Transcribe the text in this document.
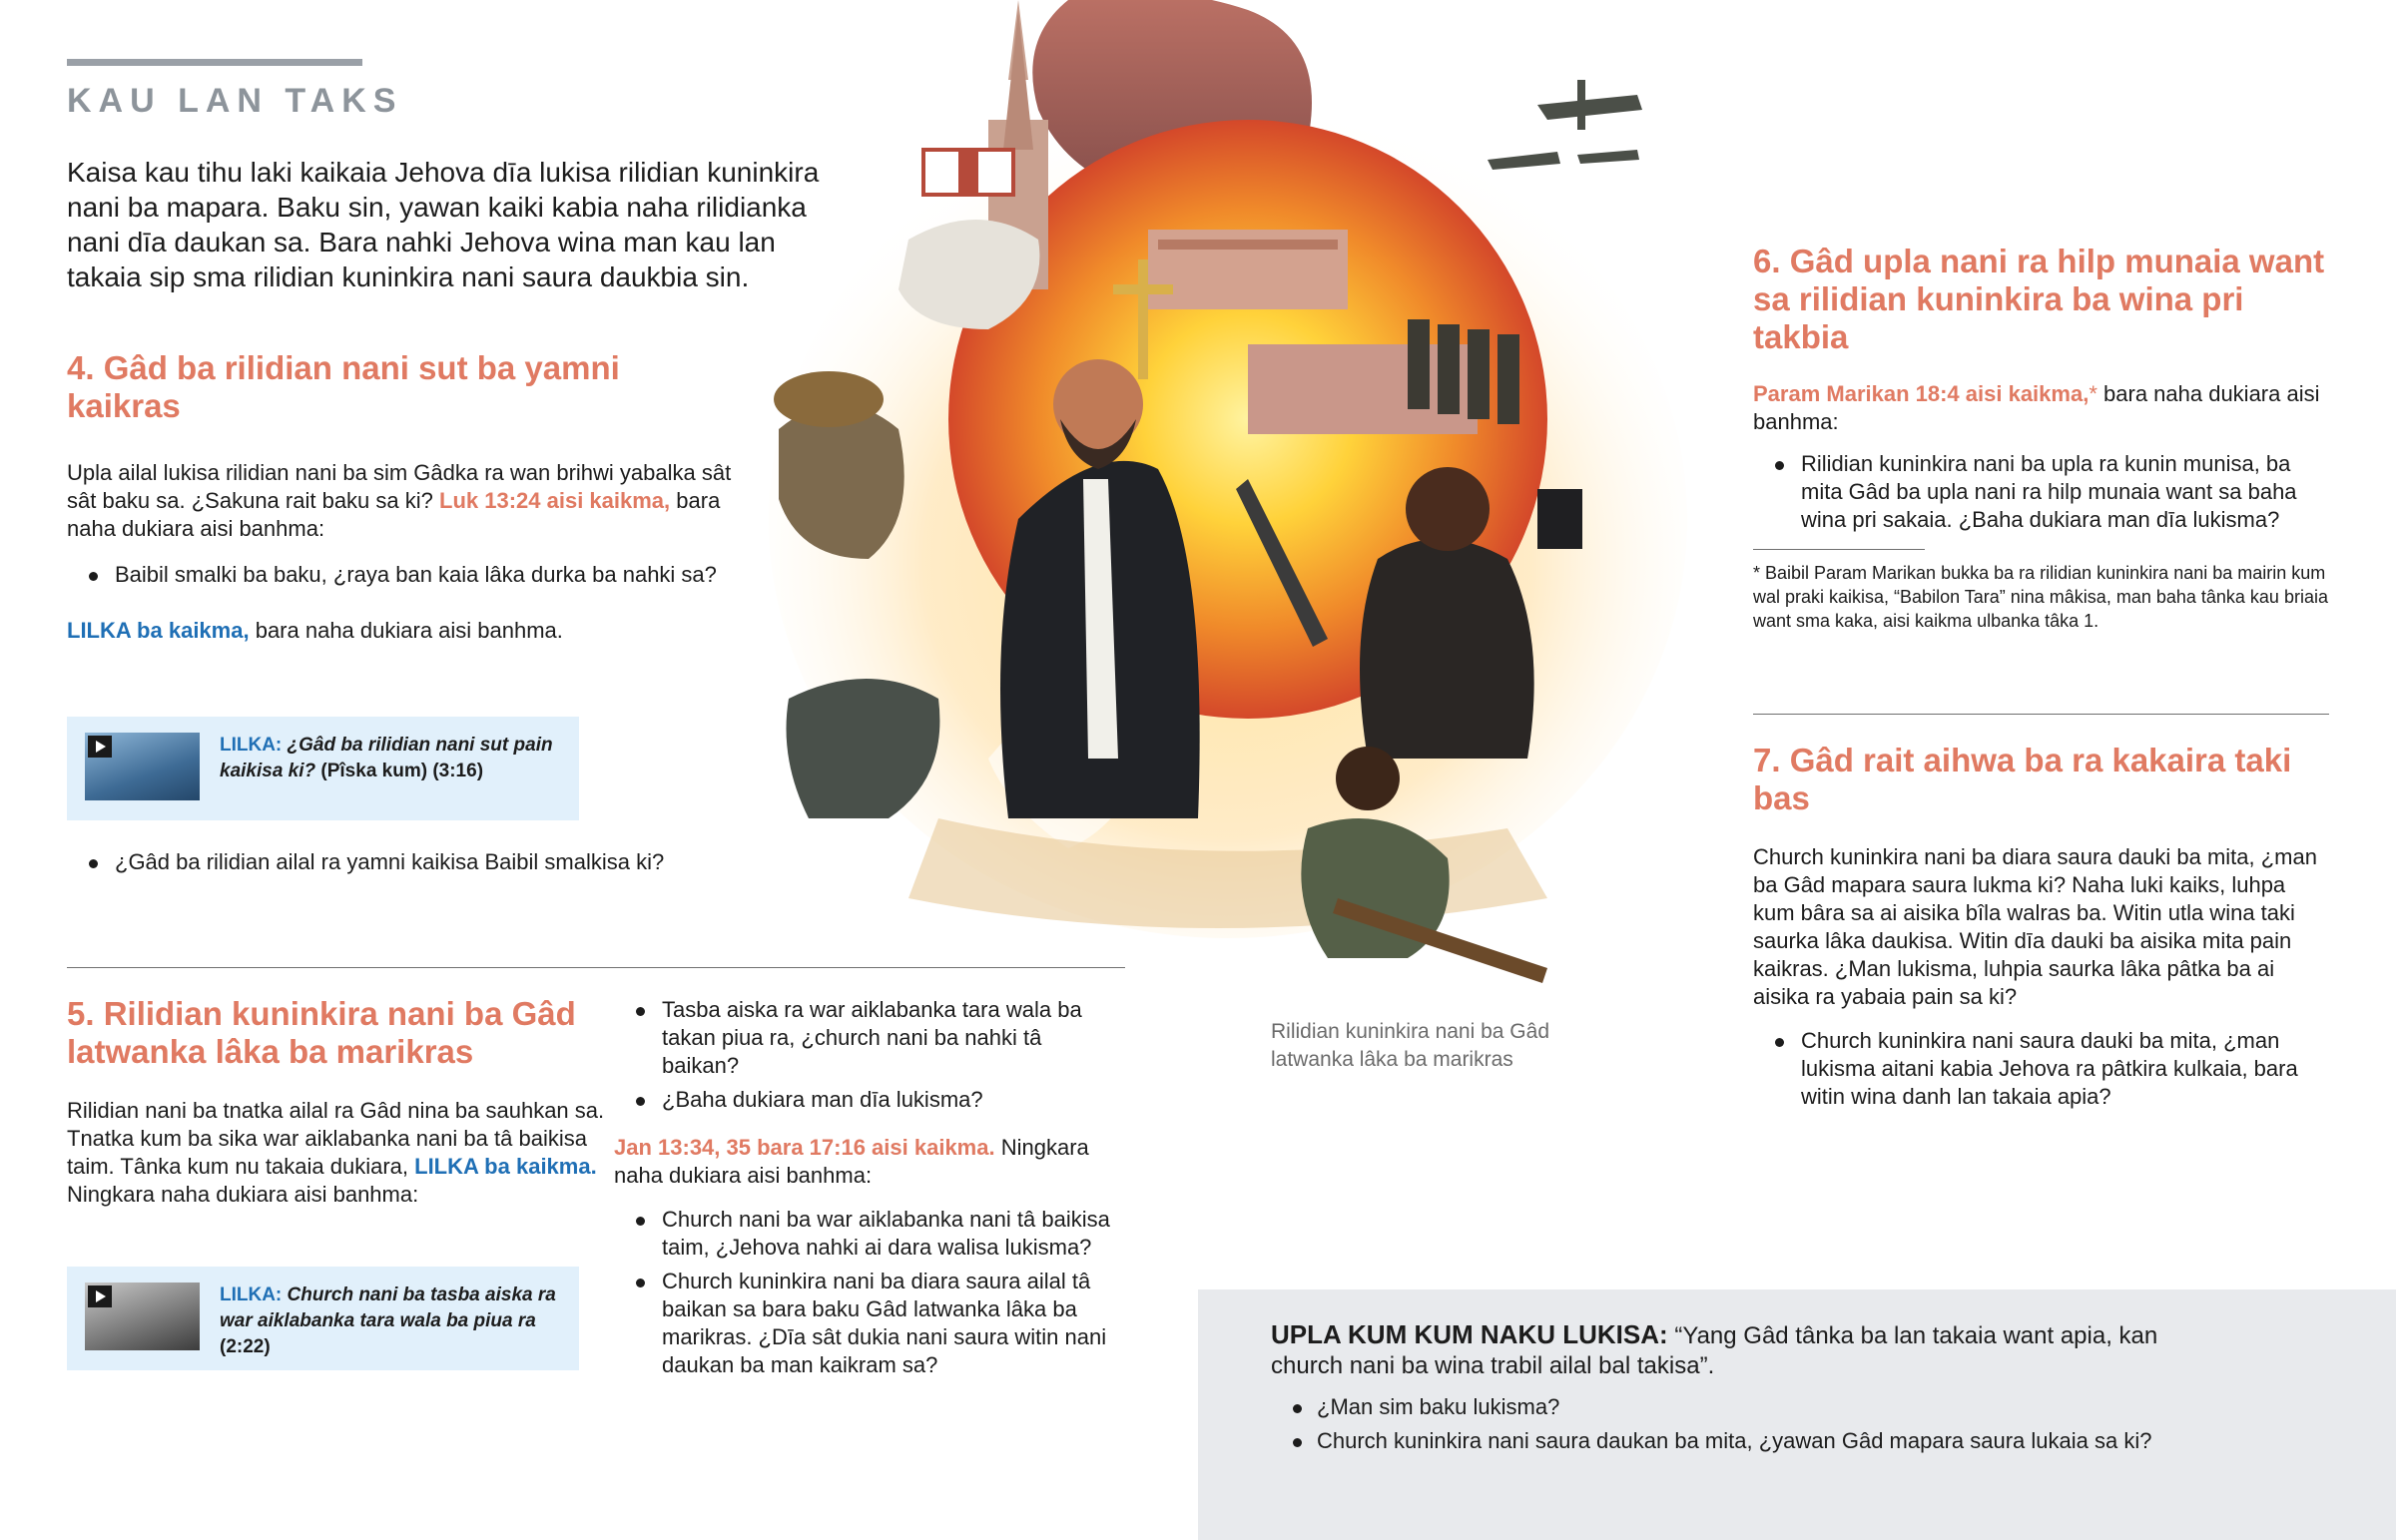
KAU LAN TAKS

Kaisa kau tihu laki kaikaia Jehova dīa lukisa rilidian kuninkira nani ba mapara. Baku sin, yawan kaiki kabia naha rilidianka nani dīa daukan sa. Bara nahki Jehova wina man kau lan takaia sip sma rilidian kuninkira nani saura daukbia sin.

4. Gâd ba rilidian nani sut ba yamni kaikras

Upla ailal lukisa rilidian nani ba sim Gâdka ra wan brihwi yabalka sât sât baku sa. ¿Sakuna rait baku sa ki? Luk 13:24 aisi kaikma, bara naha dukiara aisi banhma:

Baibil smalki ba baku, ¿raya ban kaia lâka durka ba nahki sa?

LILKA ba kaikma, bara naha dukiara aisi banhma.

LILKA: ¿Gâd ba rilidian nani sut pain kaikisa ki? (Pîska kum) (3:16)
¿Gâd ba rilidian ailal ra yamni kaikisa Baibil smalkisa ki?
5. Rilidian kuninkira nani ba Gâd latwanka lâka ba marikras

Rilidian nani ba tnatka ailal ra Gâd nina ba sauhkan sa. Tnatka kum ba sika war aiklabanka nani ba tâ baikisa taim. Tânka kum nu takaia dukiara, LILKA ba kaikma. Ningkara naha dukiara aisi banhma:

LILKA: Church nani ba tasba aiska ra war aiklabanka tara wala ba piua ra (2:22)
Tasba aiska ra war aiklabanka tara wala ba takan piua ra, ¿church nani ba nahki tâ baikan?
¿Baha dukiara man dīa lukisma?

Jan 13:34, 35 bara 17:16 aisi kaikma. Ningkara naha dukiara aisi banhma:

Church nani ba war aiklabanka nani tâ baikisa taim, ¿Jehova nahki ai dara walisa lukisma?
Church kuninkira nani ba diara saura ailal tâ baikan sa bara baku Gâd latwanka lâka ba marikras. ¿Dīa sât dukia nani saura witin nani daukan ba man kaikram sa?

Rilidian kuninkira nani ba Gâd latwanka lâka ba marikras

6. Gâd upla nani ra hilp munaia want sa rilidian kuninkira ba wina pri takbia

Param Marikan 18:4 aisi kaikma,* bara naha dukiara aisi banhma:

Rilidian kuninkira nani ba upla ra kunin munisa, ba mita Gâd ba upla nani ra hilp munaia want sa baha wina pri sakaia. ¿Baha dukiara man dīa lukisma?

* Baibil Param Marikan bukka ba ra rilidian kuninkira nani ba mairin kum wal praki kaikisa, “Babilon Tara” nina mâkisa, man baha tânka kau briaia want sma kaka, aisi kaikma ulbanka tâka 1.

7. Gâd rait aihwa ba ra kakaira taki bas

Church kuninkira nani ba diara saura dauki ba mita, ¿man ba Gâd mapara saura lukma ki? Naha luki kaiks, luhpa kum bâra sa ai aisika bîla walras ba. Witin utla wina taki saurka lâka daukisa. Witin dīa dauki ba aisika mita pain kaikras. ¿Man lukisma, luhpia saurka lâka pâtka ba ai aisika ra yabaia pain sa ki?

Church kuninkira nani saura dauki ba mita, ¿man lukisma aitani kabia Jehova ra pâtkira kulkaia, bara witin wina danh lan takaia apia?

UPLA KUM KUM NAKU LUKISA: “Yang Gâd tânka ba lan takaia want apia, kan church nani ba wina trabil ailal bal takisa”.

¿Man sim baku lukisma?
Church kuninkira nani saura daukan ba mita, ¿yawan Gâd mapara saura lukaia sa ki?
